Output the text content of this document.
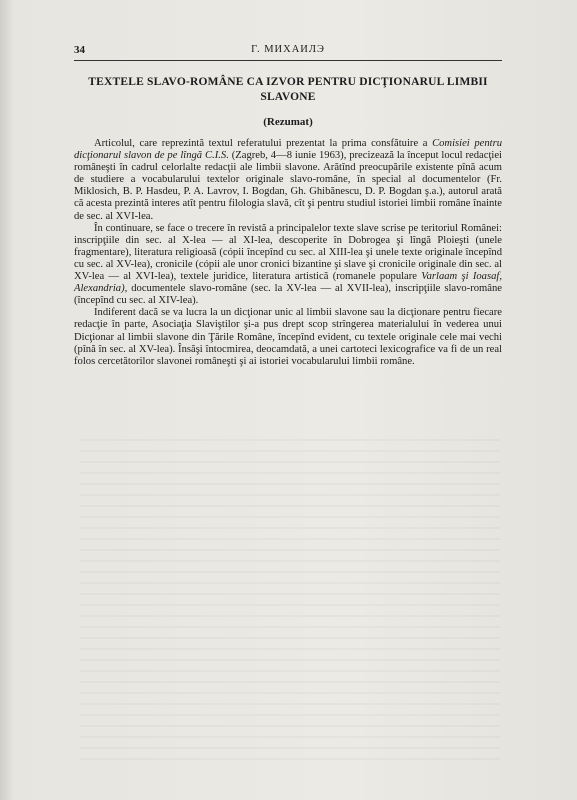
34	Г. МИХАИЛЭ
TEXTELE SLAVO-ROMÂNE CA IZVOR PENTRU DICŢIONARUL LIMBII SLAVONE
(Rezumat)

Articolul, care reprezintă textul referatului prezentat la prima consfătuire a Comisiei pentru dicţionarul slavon de pe lîngă C.I.S. (Zagreb, 4—8 iunie 1963), precizează la început locul redacţiei româneşti în cadrul celorlalte redacţii ale limbii slavone. Arătînd preocupările existente pînă acum de studiere a vocabularului textelor originale slavo-române, în special al documentelor (Fr. Miklosich, B. P. Hasdeu, P. A. Lavrov, I. Bogdan, Gh. Ghibănescu, D. P. Bogdan ş.a.), autorul arată că acesta prezintă interes atît pentru filologia slavă, cît şi pentru studiul istoriei limbii române înainte de sec. al XVI-lea.

În continuare, se face o trecere în revistă a principalelor texte slave scrise pe teritoriul Românei: inscripţiile din sec. al X-lea — al XI-lea, descoperite în Dobrogea şi lîngă Ploieşti (unele fragmentare), literatura religioasă (cópii începînd cu sec. al XIII-lea şi unele texte originale începînd cu sec. al XV-lea), cronicile (cópii ale unor cronici bizantine şi slave şi cronicile originale din sec. al XV-lea — al XVI-lea), textele juridice, literatura artistică (romanele populare Varlaam şi Ioasaf, Alexandria), documentele slavo-române (sec. la XV-lea — al XVII-lea), inscripţiile slavo-române (începînd cu sec. al XIV-lea).

Indiferent dacă se va lucra la un dicţionar unic al limbii slavone sau la dicţionare pentru fiecare redacţie în parte, Asociaţia Slaviştilor şi-a pus drept scop strîngerea materialului în vederea unui Dicţionar al limbii slavone din Ţările Române, începînd evident, cu textele originale cele mai vechi (pînă în sec. al XV-lea). Însăşi întocmirea, deocamdată, a unei cartoteci lexicografice va fi de un real folos cercetătorilor slavonei româneşti şi ai istoriei vocabularului limbii române.
